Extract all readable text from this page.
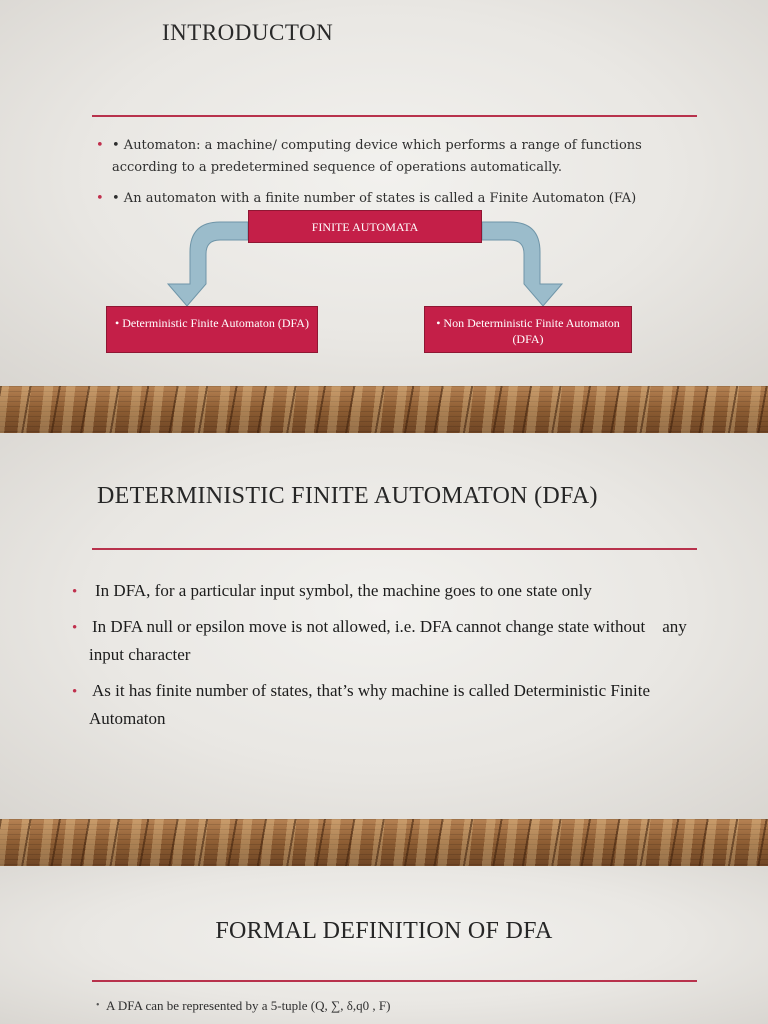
INTRODUCTON
• • Automaton: a machine/ computing device which performs a range of functions according to a predetermined sequence of operations automatically.
• • An automaton with a finite number of states is called a Finite Automaton (FA)
FINITE AUTOMATA
• Deterministic Finite Automaton (DFA)	• Non Deterministic Finite Automaton (DFA)
DETERMINISTIC FINITE AUTOMATON (DFA)
• In DFA, for a particular input symbol, the machine goes to one state only
• In DFA null or epsilon move is not allowed, i.e. DFA cannot change state without    any input character
• As it has finite number of states, that’s why machine is called Deterministic Finite Automaton
FORMAL DEFINITION OF DFA
• A DFA can be represented by a 5-tuple (Q, ∑, δ,q0 , F)
